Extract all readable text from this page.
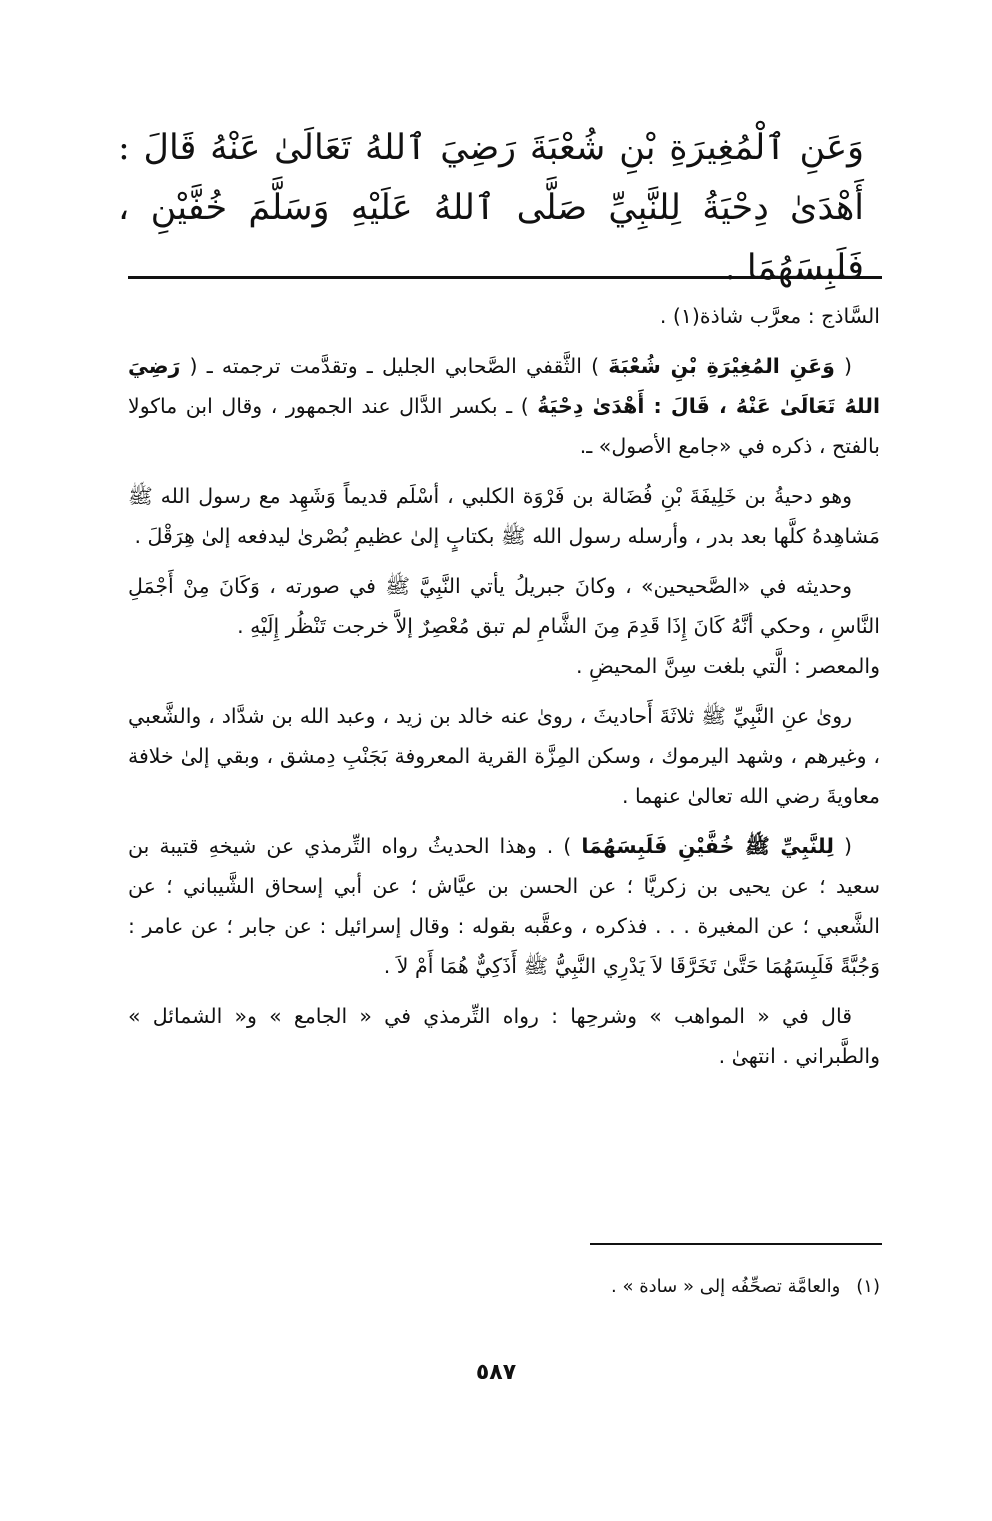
وَعَنِ ٱلْمُغِيرَةِ بْنِ شُعْبَةَ رَضِيَ ٱللهُ تَعَالَىٰ عَنْهُ قَالَ : أَهْدَىٰ دِحْيَةُ لِلنَّبِيِّ صَلَّى ٱللهُ عَلَيْهِ وَسَلَّمَ خُفَّيْنِ ، فَلَبِسَهُمَا .

السَّاذج : معرَّب شاذة(١) .

( وَعَنِ المُغِيْرَةِ بْنِ شُعْبَةَ ) الثَّقفي الصَّحابي الجليل ـ وتقدَّمت ترجمته ـ ( رَضِيَ اللهُ تَعَالَىٰ عَنْهُ ، قَالَ : أَهْدَىٰ دِحْيَةُ ) ـ بكسر الدَّال عند الجمهور ، وقال ابن ماكولا بالفتح ، ذكره في «جامع الأصول» ـ.

وهو دحيةُ بن خَلِيفَةَ بْنِ فُضَالة بن فَرْوَة الكلبي ، أسْلَم قديماً وَشَهِد مع رسول الله ﷺ مَشاهِدهُ كلَّها بعد بدر ، وأرسله رسول الله ﷺ بكتابٍ إلىٰ عظيمِ بُصْرىٰ ليدفعه إلىٰ هِرَقْلَ .

وحديثه في «الصَّحيحين» ، وكانَ جبريلُ يأتي النَّبِيَّ ﷺ في صورته ، وَكَانَ مِنْ أَجْمَلِ النَّاسِ ، وحكي أنَّهُ كَانَ إِذَا قَدِمَ مِنَ الشَّامِ لم تبق مُعْصِرٌ إلاَّ خرجت تَنْظُر إِلَيْهِ .

والمعصر : الَّتي بلغت سِنَّ المحيضِ .

روىٰ عنِ النَّبِيِّ ﷺ ثلاثَةَ أَحاديثَ ، روىٰ عنه خالد بن زيد ، وعبد الله بن شدَّاد ، والشَّعبي ، وغيرهم ، وشهد اليرموك ، وسكن المِزَّة القرية المعروفة بَجَنْبِ دِمشق ، وبقي إلىٰ خلافة معاويةَ رضي الله تعالىٰ عنهما .

( لِلنَّبِيِّ ﷺ خُفَّيْنِ فَلَبِسَهُمَا ) . وهذا الحديثُ رواه التِّرمذي عن شيخهِ قتيبة بن سعيد ؛ عن يحيى بن زكريَّا ؛ عن الحسن بن عيَّاش ؛ عن أبي إسحاق الشَّيباني ؛ عن الشَّعبي ؛ عن المغيرة . . . فذكره ، وعقَّبه بقوله : وقال إسرائيل : عن جابر ؛ عن عامر : وَجُبَّةً فَلَبِسَهُمَا حَتَّىٰ تَخَرَّقَا لاَ يَدْرِي النَّبِيُّ ﷺ أَذَكِيٌّ هُمَا أَمْ لاَ .

قال في « المواهب » وشرحِها : رواه التِّرمذي في « الجامع » و« الشمائل » والطَّبراني . انتهىٰ .

(١)والعامَّة تصحِّفُه إلى « سادة » .
٥٨٧
